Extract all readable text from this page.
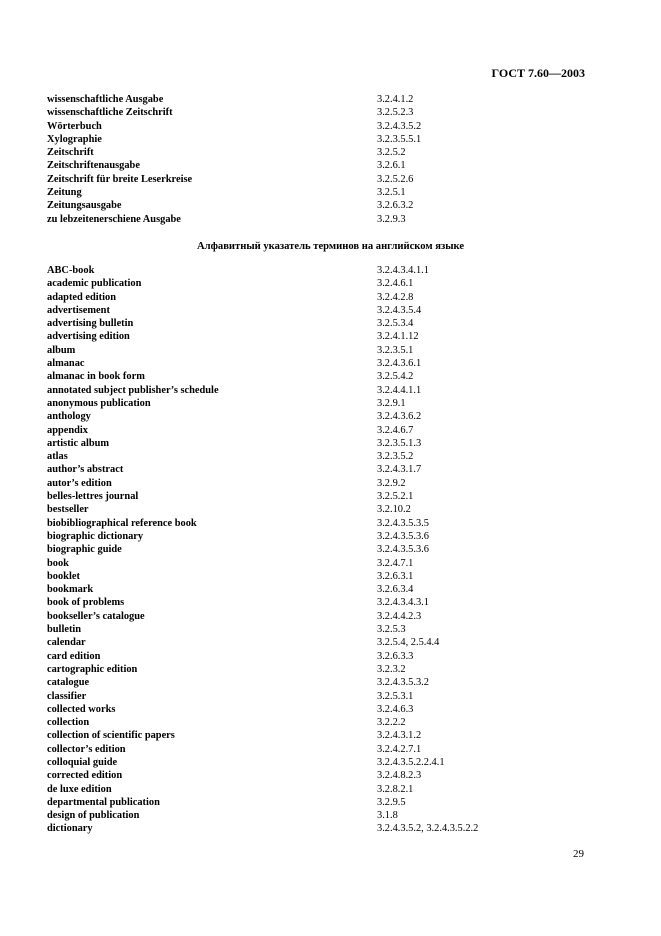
ГОСТ 7.60—2003
wissenschaftliche Ausgabe	3.2.4.1.2
wissenschaftliche Zeitschrift	3.2.5.2.3
Wörterbuch	3.2.4.3.5.2
Xylographie	3.2.3.5.5.1
Zeitschrift	3.2.5.2
Zeitschriftenausgabe	3.2.6.1
Zeitschrift für breite Leserkreise	3.2.5.2.6
Zeitung	3.2.5.1
Zeitungsausgabe	3.2.6.3.2
zu lebzeitenerschiene Ausgabe	3.2.9.3
Алфавитный указатель терминов на английском языке
ABC-book	3.2.4.3.4.1.1
academic publication	3.2.4.6.1
adapted edition	3.2.4.2.8
advertisement	3.2.4.3.5.4
advertising bulletin	3.2.5.3.4
advertising edition	3.2.4.1.12
album	3.2.3.5.1
almanac	3.2.4.3.6.1
almanac in book form	3.2.5.4.2
annotated subject publisher’s schedule	3.2.4.4.1.1
anonymous publication	3.2.9.1
anthology	3.2.4.3.6.2
appendix	3.2.4.6.7
artistic album	3.2.3.5.1.3
atlas	3.2.3.5.2
author’s abstract	3.2.4.3.1.7
autor’s edition	3.2.9.2
belles-lettres journal	3.2.5.2.1
bestseller	3.2.10.2
biobibliographical reference book	3.2.4.3.5.3.5
biographic dictionary	3.2.4.3.5.3.6
biographic guide	3.2.4.3.5.3.6
book	3.2.4.7.1
booklet	3.2.6.3.1
bookmark	3.2.6.3.4
book of problems	3.2.4.3.4.3.1
bookseller’s catalogue	3.2.4.4.2.3
bulletin	3.2.5.3
calendar	3.2.5.4, 2.5.4.4
card edition	3.2.6.3.3
cartographic edition	3.2.3.2
catalogue	3.2.4.3.5.3.2
classifier	3.2.5.3.1
collected works	3.2.4.6.3
collection	3.2.2.2
collection of scientific papers	3.2.4.3.1.2
collector’s edition	3.2.4.2.7.1
colloquial guide	3.2.4.3.5.2.2.4.1
corrected edition	3.2.4.8.2.3
de luxe edition	3.2.8.2.1
departmental publication	3.2.9.5
design of publication	3.1.8
dictionary	3.2.4.3.5.2, 3.2.4.3.5.2.2
29
